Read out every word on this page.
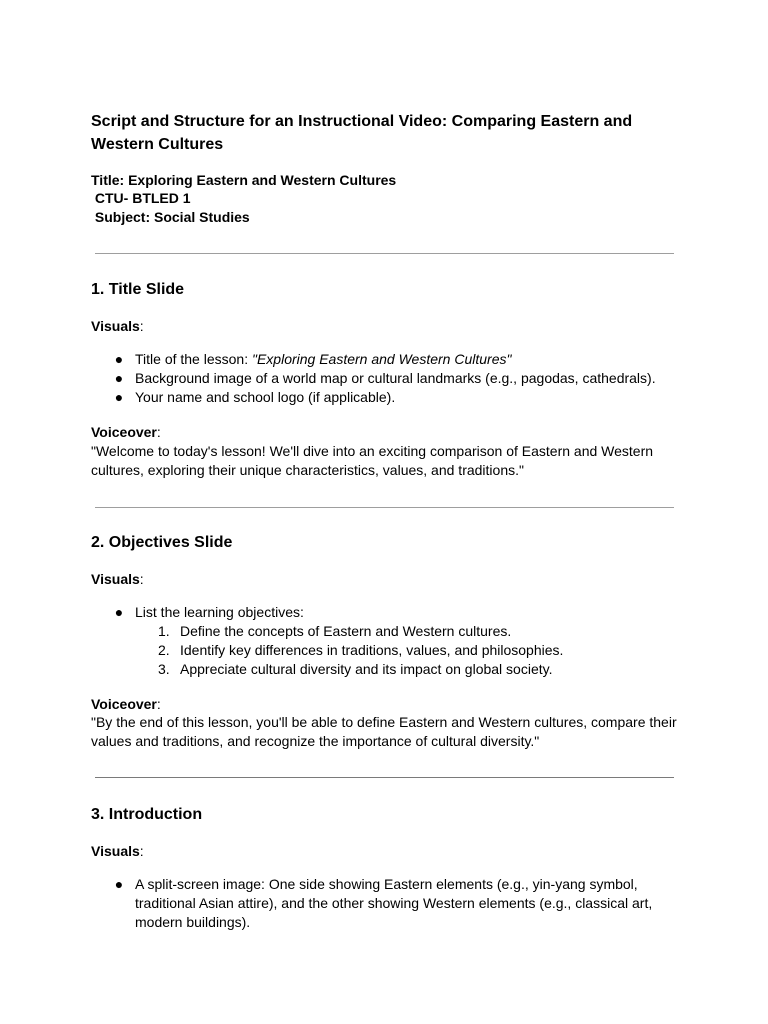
Script and Structure for an Instructional Video: Comparing Eastern and Western Cultures
Title: Exploring Eastern and Western Cultures
CTU- BTLED 1
Subject: Social Studies
1. Title Slide
Visuals:
● Title of the lesson: "Exploring Eastern and Western Cultures"
● Background image of a world map or cultural landmarks (e.g., pagodas, cathedrals).
● Your name and school logo (if applicable).
Voiceover:
"Welcome to today's lesson! We'll dive into an exciting comparison of Eastern and Western cultures, exploring their unique characteristics, values, and traditions."
2. Objectives Slide
Visuals:
● List the learning objectives:
1. Define the concepts of Eastern and Western cultures.
2. Identify key differences in traditions, values, and philosophies.
3. Appreciate cultural diversity and its impact on global society.
Voiceover:
"By the end of this lesson, you'll be able to define Eastern and Western cultures, compare their values and traditions, and recognize the importance of cultural diversity."
3. Introduction
Visuals:
● A split-screen image: One side showing Eastern elements (e.g., yin-yang symbol, traditional Asian attire), and the other showing Western elements (e.g., classical art, modern buildings).
